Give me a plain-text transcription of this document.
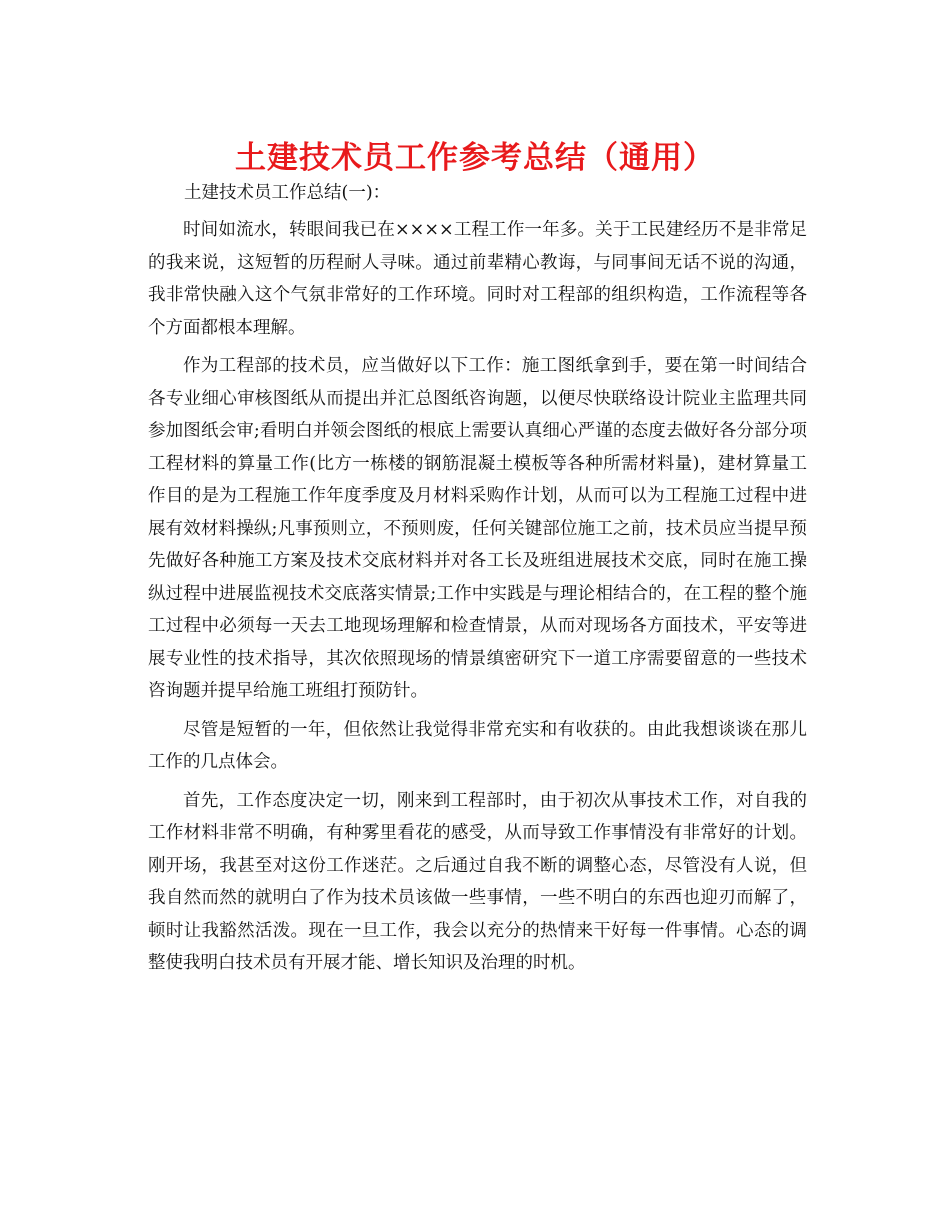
土建技术员工作参考总结（通用）

土建技术员工作总结(一)：

时间如流水，转眼间我已在××××工程工作一年多。关于工民建经历不是非常足的我来说，这短暂的历程耐人寻味。通过前辈精心教诲，与同事间无话不说的沟通，我非常快融入这个气氛非常好的工作环境。同时对工程部的组织构造，工作流程等各个方面都根本理解。

作为工程部的技术员，应当做好以下工作：施工图纸拿到手，要在第一时间结合各专业细心审核图纸从而提出并汇总图纸咨询题，以便尽快联络设计院业主监理共同参加图纸会审;看明白并领会图纸的根底上需要认真细心严谨的态度去做好各分部分项工程材料的算量工作(比方一栋楼的钢筋混凝土模板等各种所需材料量)，建材算量工作目的是为工程施工作年度季度及月材料采购作计划，从而可以为工程施工过程中进展有效材料操纵;凡事预则立，不预则废，任何关键部位施工之前，技术员应当提早预先做好各种施工方案及技术交底材料并对各工长及班组进展技术交底，同时在施工操纵过程中进展监视技术交底落实情景;工作中实践是与理论相结合的，在工程的整个施工过程中必须每一天去工地现场理解和检查情景，从而对现场各方面技术，平安等进展专业性的技术指导，其次依照现场的情景缜密研究下一道工序需要留意的一些技术咨询题并提早给施工班组打预防针。

尽管是短暂的一年，但依然让我觉得非常充实和有收获的。由此我想谈谈在那儿工作的几点体会。

首先，工作态度决定一切，刚来到工程部时，由于初次从事技术工作，对自我的工作材料非常不明确，有种雾里看花的感受，从而导致工作事情没有非常好的计划。刚开场，我甚至对这份工作迷茫。之后通过自我不断的调整心态，尽管没有人说，但我自然而然的就明白了作为技术员该做一些事情，一些不明白的东西也迎刃而解了，顿时让我豁然活泼。现在一旦工作，我会以充分的热情来干好每一件事情。心态的调整使我明白技术员有开展才能、增长知识及治理的时机。
